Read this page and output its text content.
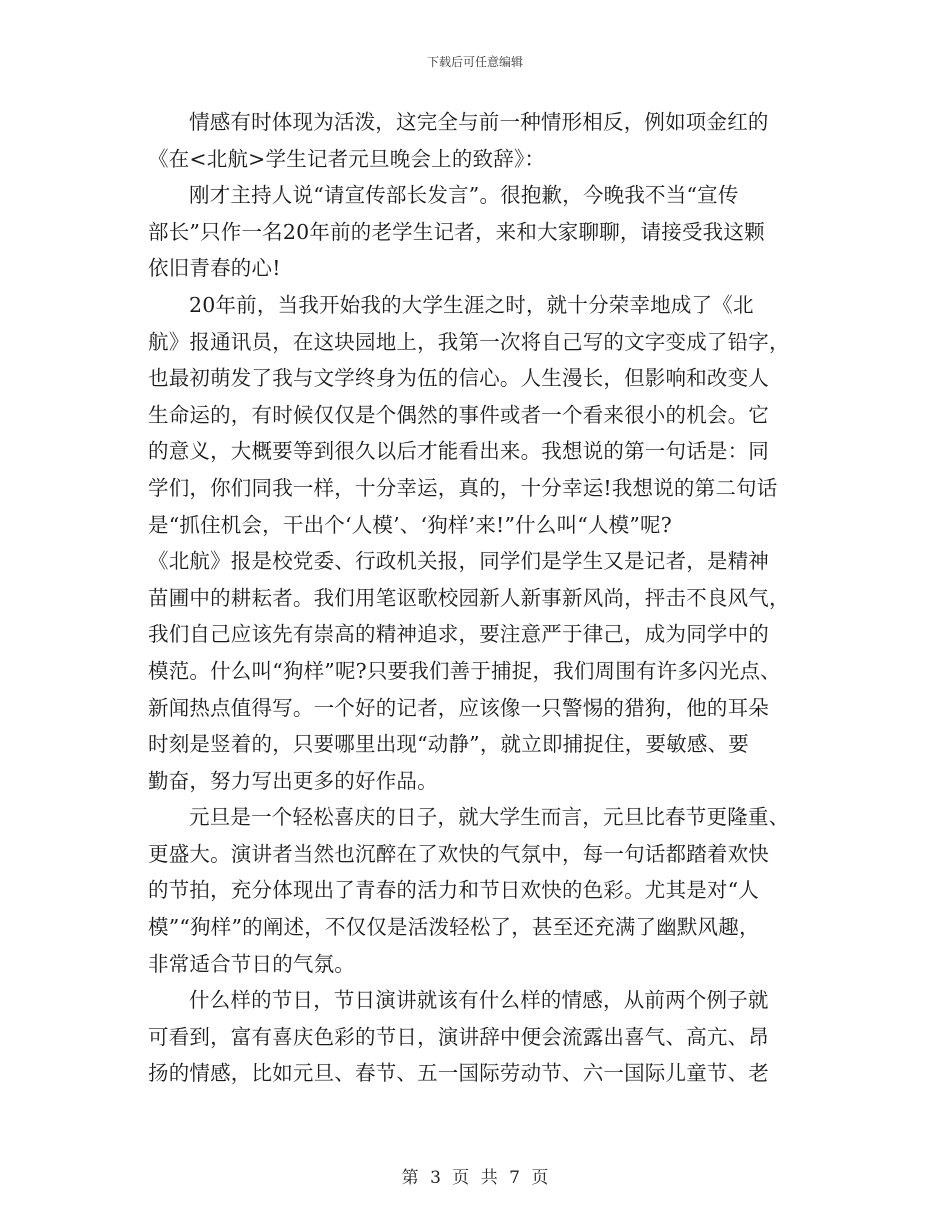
下载后可任意编辑
情感有时体现为活泼，这完全与前一种情形相反，例如项金红的
《在<北航>学生记者元旦晚会上的致辞》：
刚才主持人说“请宣传部长发言”。很抱歉，今晚我不当“宣传
部长”只作一名20年前的老学生记者，来和大家聊聊，请接受我这颗
依旧青春的心!
20年前，当我开始我的大学生涯之时，就十分荣幸地成了《北
航》报通讯员，在这块园地上，我第一次将自己写的文字变成了铅字，
也最初萌发了我与文学终身为伍的信心。人生漫长，但影响和改变人
生命运的，有时候仅仅是个偶然的事件或者一个看来很小的机会。它
的意义，大概要等到很久以后才能看出来。我想说的第一句话是：同
学们，你们同我一样，十分幸运，真的，十分幸运!我想说的第二句话
是“抓住机会，干出个‘人模’、‘狗样’来!”什么叫“人模”呢?
《北航》报是校党委、行政机关报，同学们是学生又是记者，是精神
苗圃中的耕耘者。我们用笔讴歌校园新人新事新风尚，抨击不良风气，
我们自己应该先有崇高的精神追求，要注意严于律己，成为同学中的
模范。什么叫“狗样”呢?只要我们善于捕捉，我们周围有许多闪光点、
新闻热点值得写。一个好的记者，应该像一只警惕的猎狗，他的耳朵
时刻是竖着的，只要哪里出现“动静”，就立即捕捉住，要敏感、要
勤奋，努力写出更多的好作品。
元旦是一个轻松喜庆的日子，就大学生而言，元旦比春节更隆重、
更盛大。演讲者当然也沉醉在了欢快的气氛中，每一句话都踏着欢快
的节拍，充分体现出了青春的活力和节日欢快的色彩。尤其是对“人
模”“狗样”的阐述，不仅仅是活泼轻松了，甚至还充满了幽默风趣，
非常适合节日的气氛。
什么样的节日，节日演讲就该有什么样的情感，从前两个例子就
可看到，富有喜庆色彩的节日，演讲辞中便会流露出喜气、高亢、昂
扬的情感，比如元旦、春节、五一国际劳动节、六一国际儿童节、老
第 3 页 共 7 页
